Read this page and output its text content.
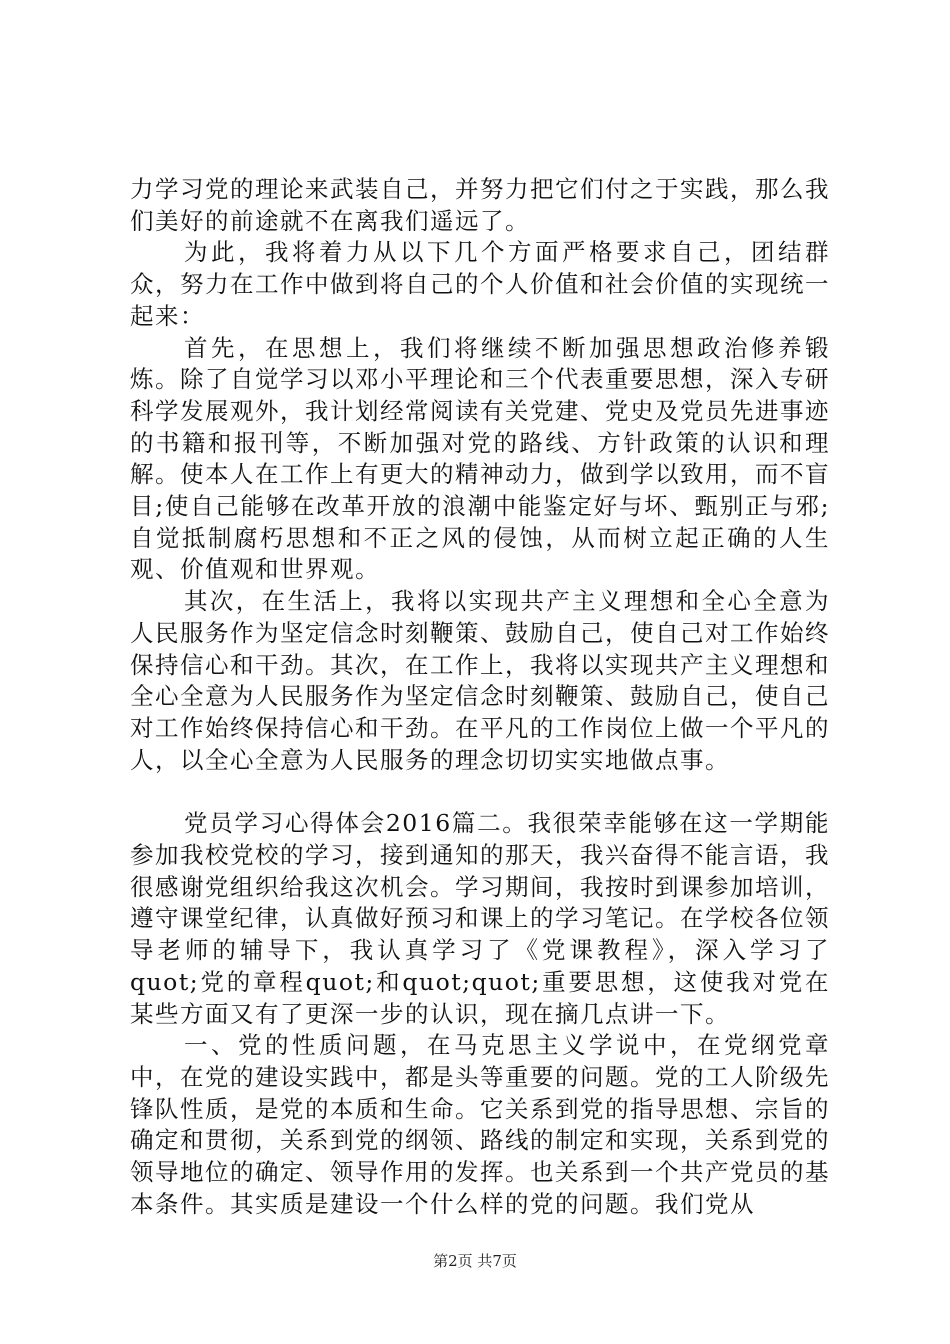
力学习党的理论来武装自己，并努力把它们付之于实践，那么我们美好的前途就不在离我们遥远了。

为此，我将着力从以下几个方面严格要求自己，团结群众，努力在工作中做到将自己的个人价值和社会价值的实现统一起来：

首先，在思想上，我们将继续不断加强思想政治修养锻炼。除了自觉学习以邓小平理论和三个代表重要思想，深入专研科学发展观外，我计划经常阅读有关党建、党史及党员先进事迹的书籍和报刊等，不断加强对党的路线、方针政策的认识和理解。使本人在工作上有更大的精神动力，做到学以致用，而不盲目;使自己能够在改革开放的浪潮中能鉴定好与坏、甄别正与邪;自觉抵制腐朽思想和不正之风的侵蚀，从而树立起正确的人生观、价值观和世界观。

其次，在生活上，我将以实现共产主义理想和全心全意为人民服务作为坚定信念时刻鞭策、鼓励自己，使自己对工作始终保持信心和干劲。其次，在工作上，我将以实现共产主义理想和全心全意为人民服务作为坚定信念时刻鞭策、鼓励自己，使自己对工作始终保持信心和干劲。在平凡的工作岗位上做一个平凡的人，以全心全意为人民服务的理念切切实实地做点事。

党员学习心得体会2016篇二。我很荣幸能够在这一学期能参加我校党校的学习，接到通知的那天，我兴奋得不能言语，我很感谢党组织给我这次机会。学习期间，我按时到课参加培训，遵守课堂纪律，认真做好预习和课上的学习笔记。在学校各位领导老师的辅导下，我认真学习了《党课教程》，深入学习了quot;党的章程quot;和quot;quot;重要思想，这使我对党在某些方面又有了更深一步的认识，现在摘几点讲一下。

一、党的性质问题，在马克思主义学说中，在党纲党章中，在党的建设实践中，都是头等重要的问题。党的工人阶级先锋队性质，是党的本质和生命。它关系到党的指导思想、宗旨的确定和贯彻，关系到党的纲领、路线的制定和实现，关系到党的领导地位的确定、领导作用的发挥。也关系到一个共产党员的基本条件。其实质是建设一个什么样的党的问题。我们党从

第2页 共7页
